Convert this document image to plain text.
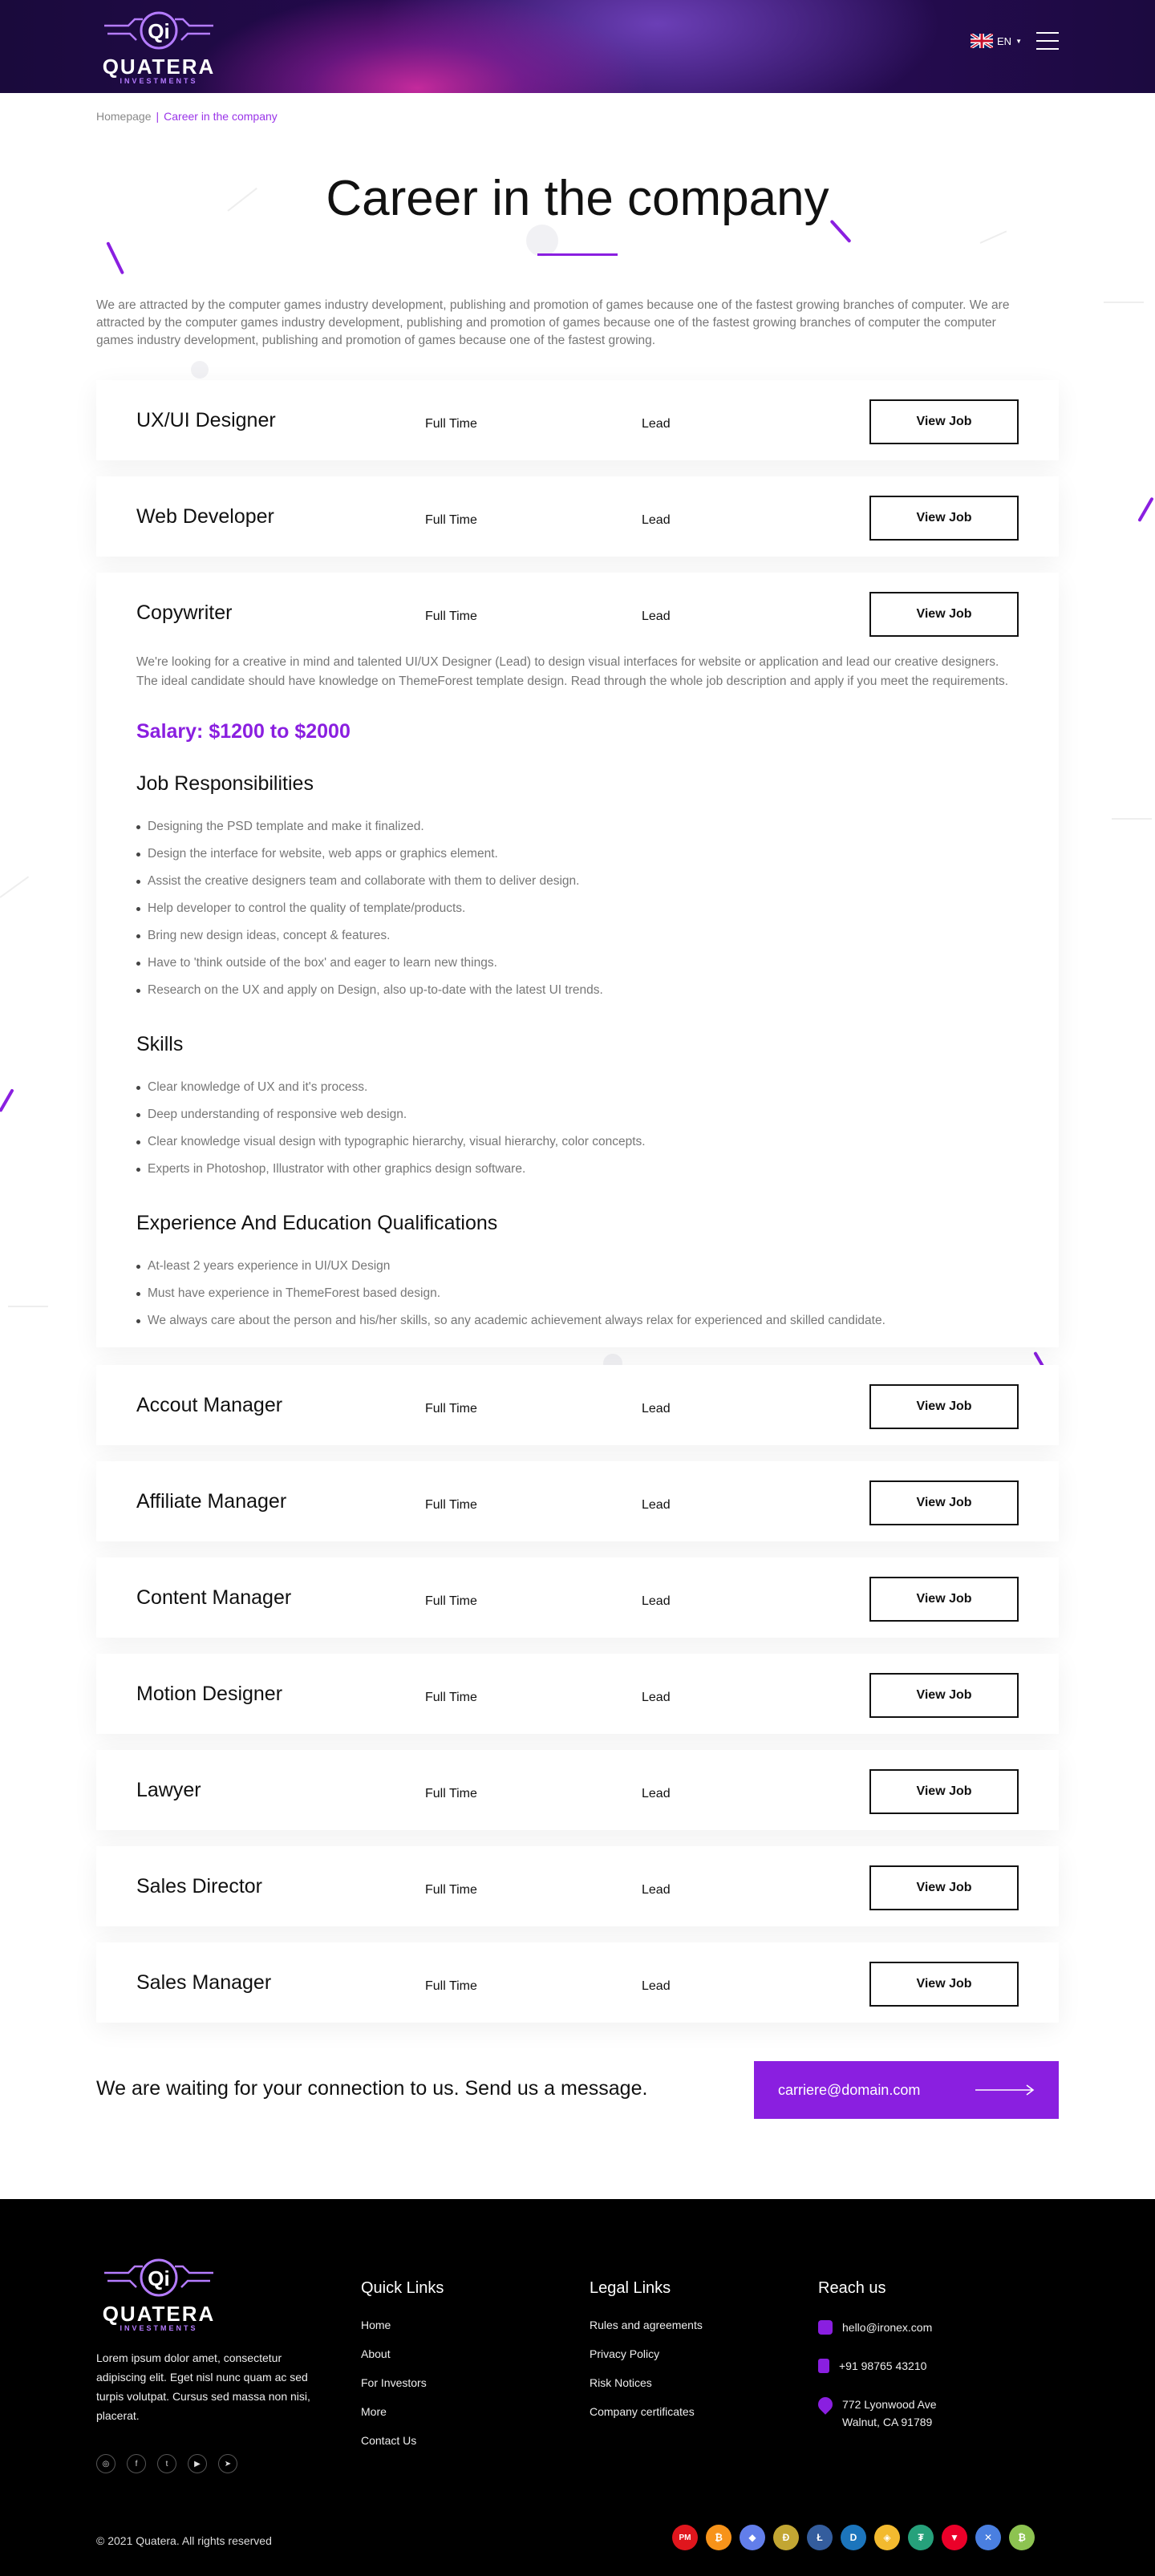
Qi
QUATERA
INVESTMENTS
EN ▼
Homepage | Career in the company
Career in the company

We are attracted by the computer games industry development, publishing and promotion of games because one of the fastest growing branches of computer. We are attracted by the computer games industry development, publishing and promotion of games because one of the fastest growing branches of computer the computer games industry development, publishing and promotion of games because one of the fastest growing.

UX/UI Designer	Full Time	Lead	View Job
Web Developer	Full Time	Lead	View Job
Copywriter	Full Time	Lead	View Job

We're looking for a creative in mind and talented UI/UX Designer (Lead) to design visual interfaces for website or application and lead our creative designers. The ideal candidate should have knowledge on ThemeForest template design. Read through the whole job description and apply if you meet the requirements.

Salary: $1200 to $2000
Job Responsibilities
Designing the PSD template and make it finalized.
Design the interface for website, web apps or graphics element.
Assist the creative designers team and collaborate with them to deliver design.
Help developer to control the quality of template/products.
Bring new design ideas, concept & features.
Have to 'think outside of the box' and eager to learn new things.
Research on the UX and apply on Design, also up-to-date with the latest UI trends.
Skills
Clear knowledge of UX and it's process.
Deep understanding of responsive web design.
Clear knowledge visual design with typographic hierarchy, visual hierarchy, color concepts.
Experts in Photoshop, Illustrator with other graphics design software.
Experience And Education Qualifications
At-least 2 years experience in UI/UX Design
Must have experience in ThemeForest based design.
We always care about the person and his/her skills, so any academic achievement always relax for experienced and skilled candidate.
Accout Manager	Full Time	Lead	View Job
Affiliate Manager	Full Time	Lead	View Job
Content Manager	Full Time	Lead	View Job
Motion Designer	Full Time	Lead	View Job
Lawyer	Full Time	Lead	View Job
Sales Director	Full Time	Lead	View Job
Sales Manager	Full Time	Lead	View Job
We are waiting for your connection to us. Send us a message.	carriere@domain.com
Qi
QUATERA
INVESTMENTS

Lorem ipsum dolor amet, consectetur adipiscing elit. Eget nisl nunc quam ac sed turpis volutpat. Cursus sed massa non nisi, placerat.

◎	f	t	▶	➤
Quick Links
Home
About
For Investors
More
Contact Us
Legal Links
Rules and agreements
Privacy Policy
Risk Notices
Company certificates
Reach us
hello@ironex.com
+91 98765 43210
772 Lyonwood Ave
Walnut, CA 91789
© 2021 Quatera. All rights reserved	PM	₿	◆	Ð	Ł	D	◈	₮	▼	✕	₿
